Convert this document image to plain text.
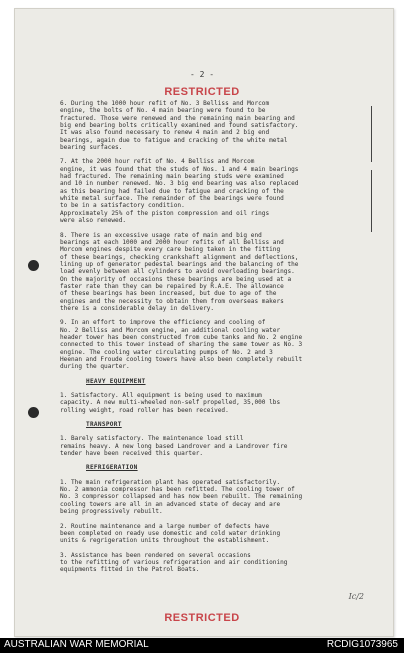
- 2 -
RESTRICTED
6. During the 1000 hour refit of No. 3 Belliss and Morcom
engine, the bolts of No. 4 main bearing were found to be
fractured. Those were renewed and the remaining main bearing and
big end bearing bolts critically examined and found satisfactory.
It was also found necessary to renew 4 main and 2 big end
bearings, again due to fatigue and cracking of the white metal
bearing surfaces.
7. At the 2000 hour refit of No. 4 Belliss and Morcom
engine, it was found that the studs of Nos. 1 and 4 main bearings
had fractured. The remaining main bearing studs were examined
and 10 in number renewed. No. 3 big end bearing was also replaced
as this bearing had failed due to fatigue and cracking of the
white metal surface. The remainder of the bearings were found
to be in a satisfactory condition.
Approximately 25% of the piston compression and oil rings
were also renewed.
8. There is an excessive usage rate of main and big end
bearings at each 1000 and 2000 hour refits of all Belliss and
Morcom engines despite every care being taken in the fitting
of these bearings, checking crankshaft alignment and deflections,
lining up of generator pedestal bearings and the balancing of the
load evenly between all cylinders to avoid overloading bearings.
On the majority of occasions these bearings are being used at a
faster rate than they can be repaired by R.A.E. The allowance
of these bearings has been increased, but due to age of the
engines and the necessity to obtain them from overseas makers
there is a considerable delay in delivery.
9. In an effort to improve the efficiency and cooling of
No. 2 Belliss and Morcom engine, an additional cooling water
header tower has been constructed from cube tanks and No. 2 engine
connected to this tower instead of sharing the same tower as No. 3
engine. The cooling water circulating pumps of No. 2 and 3
Heenan and Froude cooling towers have also been completely rebuilt
during the quarter.
HEAVY EQUIPMENT
1. Satisfactory. All equipment is being used to maximum
capacity. A new multi-wheeled non-self propelled, 35,000 lbs
rolling weight, road roller has been received.
TRANSPORT
1. Barely satisfactory. The maintenance load still
remains heavy. A new long based Landrover and a Landrover fire
tender have been received this quarter.
REFRIGERATION
1. The main refrigeration plant has operated satisfactorily.
No. 2 ammonia compressor has been refitted. The cooling tower of
No. 3 compressor collapsed and has now been rebuilt. The remaining
cooling towers are all in an advanced state of decay and are
being progressively rebuilt.
2. Routine maintenance and a large number of defects have
been completed on ready use domestic and cold water drinking
units & regrigeration units throughout the establishment.
3. Assistance has been rendered on several occasions
to the refitting of various refrigeration and air conditioning
equipments fitted in the Patrol Boats.
Ic/2
RESTRICTED
AUSTRALIAN WAR MEMORIAL	RCDIG1073965
